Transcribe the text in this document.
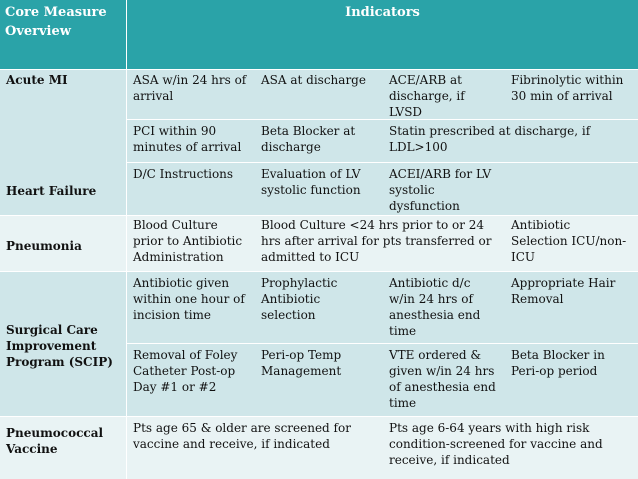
Core Measure
Overview
Indicators
Acute MI
Heart Failure
Pneumonia
Surgical Care
Improvement
Program (SCIP)
Pneumococcal
Vaccine
ASA w/in 24 hrs of
arrival
ASA at discharge ACE/ARB at
discharge, if
LVSD
Fibrinolytic within
30 min of arrival
PCI within 90
minutes of arrival
Beta Blocker at
discharge
Statin prescribed at discharge, if
LDL>100
D/C Instructions Evaluation of LV
systolic function
ACEI/ARB for LV
systolic
dysfunction
Blood Culture
prior to Antibiotic
Administration
Blood Culture <24 hrs prior to or 24
hrs after arrival for pts transferred or
admitted to ICU
Antibiotic
Selection ICU/non-
ICU
Antibiotic given
within one hour of
incision time
Prophylactic
Antibiotic
selection
Antibiotic d/c
w/in 24 hrs of
anesthesia end
time
Appropriate Hair
Removal
Removal of Foley
Catheter Post-op
Day #1 or #2
Peri-op Temp
Management
VTE ordered &
given w/in 24 hrs
of anesthesia end
time
Beta Blocker in
Peri-op period
Pts age 65 & older are screened for
vaccine and receive, if indicated
Pts age 6-64 years with high risk
condition-screened for vaccine and
receive, if indicated
